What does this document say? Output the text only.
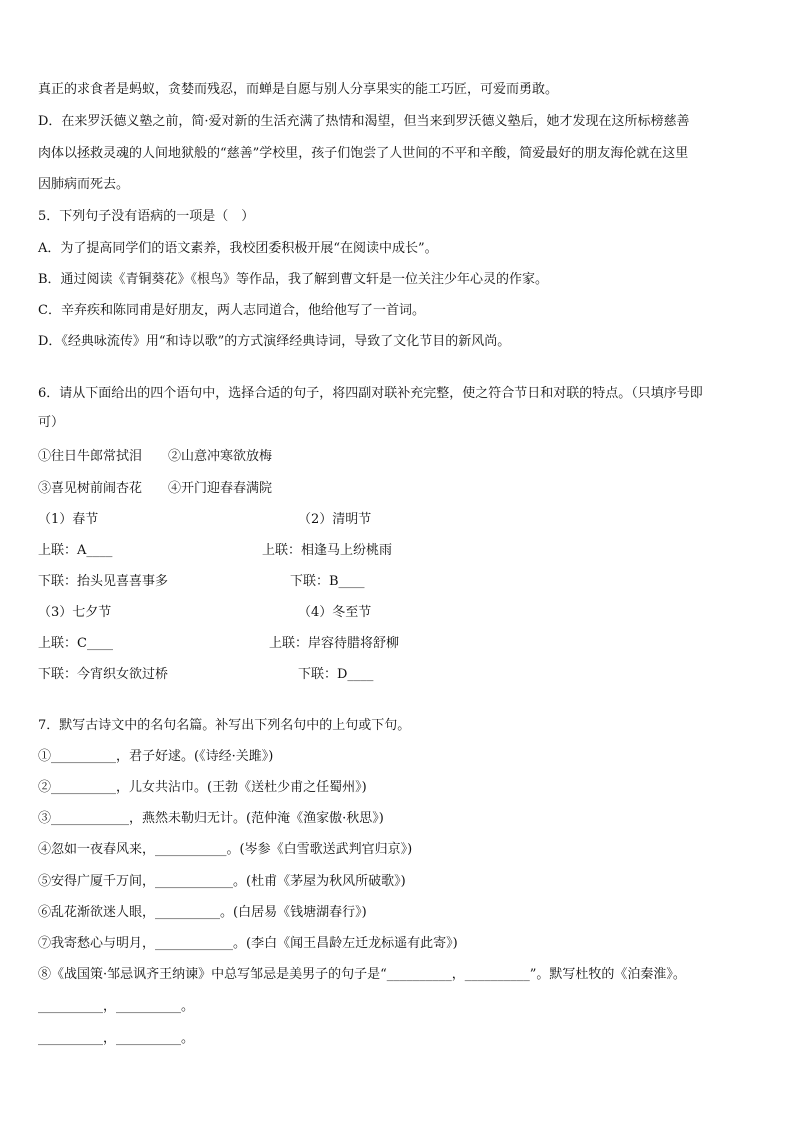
真正的求食者是蚂蚁，贪婪而残忍，而蝉是自愿与别人分享果实的能工巧匠，可爱而勇敢。
D．在来罗沃德义塾之前，简·爱对新的生活充满了热情和渴望，但当来到罗沃德义塾后，她才发现在这所标榜慈善
肉体以拯救灵魂的人间地狱般的“慈善”学校里，孩子们饱尝了人世间的不平和辛酸，简爱最好的朋友海伦就在这里
因肺病而死去。
5．下列句子没有语病的一项是（　）
A．为了提高同学们的语文素养，我校团委积极开展“在阅读中成长”。
B．通过阅读《青铜葵花》《根鸟》等作品，我了解到曹文轩是一位关注少年心灵的作家。
C．辛弃疾和陈同甫是好朋友，两人志同道合，他给他写了一首词。
D．《经典咏流传》用“和诗以歌”的方式演绎经典诗词，导致了文化节目的新风尚。
6．请从下面给出的四个语句中，选择合适的句子，将四副对联补充完整，使之符合节日和对联的特点。（只填序号即
可）
①往日牛郎常拭泪　　②山意冲寒欲放梅
③喜见树前闹杏花　　④开门迎春春满院
（1）春节	（2）清明节
上联：A____	上联：相逢马上纷桃雨
下联：抬头见喜喜事多	下联：B____
（3）七夕节	（4）冬至节
上联：C____	上联：岸容待腊将舒柳
下联：今宵织女欲过桥	下联：D____
7．默写古诗文中的名句名篇。补写出下列名句中的上句或下句。
①__________，君子好逑。(《诗经·关雎》)
②__________，儿女共沾巾。(王勃《送杜少甫之任蜀州》)
③____________，燕然未勒归无计。(范仲淹《渔家傲·秋思》)
④忽如一夜春风来，___________。(岑参《白雪歌送武判官归京》)
⑤安得广厦千万间，____________。(杜甫《茅屋为秋风所破歌》)
⑥乱花渐欲迷人眼，__________。(白居易《钱塘湖春行》)
⑦我寄愁心与明月，____________。(李白《闻王昌龄左迁龙标遥有此寄》)
⑧《战国策·邹忌讽齐王纳谏》中总写邹忌是美男子的句子是“__________，__________”。默写杜牧的《泊秦淮》。
__________，__________。
__________，__________。
